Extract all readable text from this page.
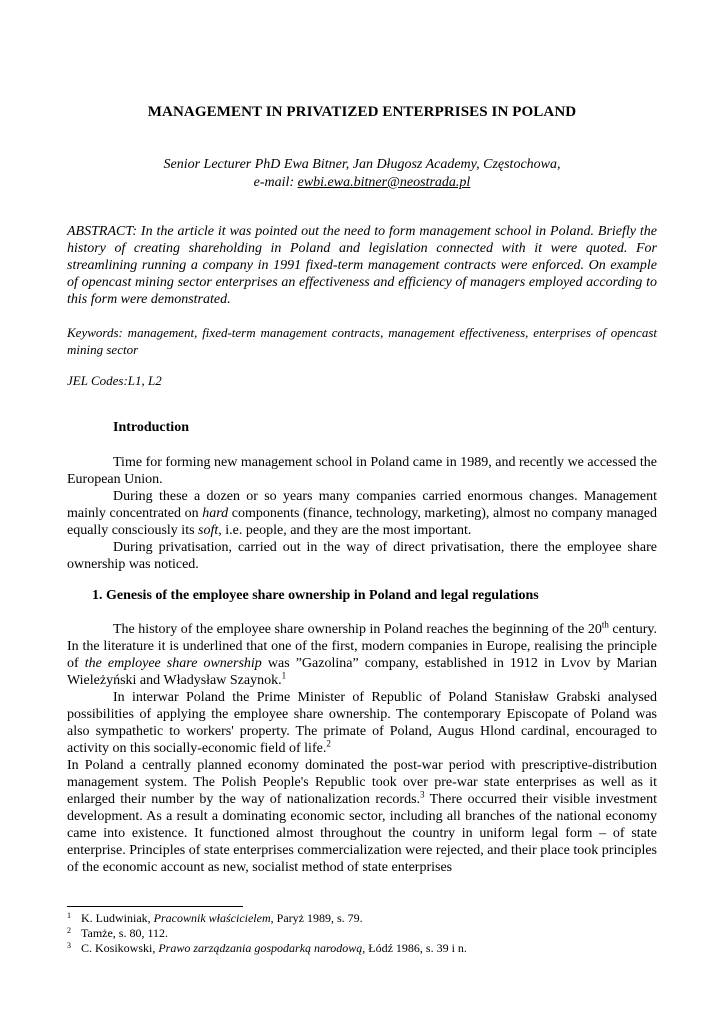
MANAGEMENT IN PRIVATIZED ENTERPRISES IN POLAND
Senior Lecturer PhD Ewa Bitner, Jan Długosz Academy, Częstochowa,
e-mail: ewbi.ewa.bitner@neostrada.pl
ABSTRACT: In the article it was pointed out the need to form management school in Poland. Briefly the history of creating shareholding in Poland and legislation connected with it were quoted. For streamlining running a company in 1991 fixed-term management contracts were enforced. On example of opencast mining sector enterprises an effectiveness and efficiency of managers employed according to this form were demonstrated.
Keywords: management, fixed-term management contracts, management effectiveness, enterprises of opencast mining sector
JEL Codes:L1, L2
Introduction

Time for forming new management school in Poland came in 1989, and recently we accessed the European Union.

During these a dozen or so years many companies carried enormous changes. Management mainly concentrated on hard components (finance, technology, marketing), almost no company managed equally consciously its soft, i.e. people, and they are the most important.

During privatisation, carried out in the way of direct privatisation, there the employee share ownership was noticed.

1. Genesis of the employee share ownership in Poland and legal regulations

The history of the employee share ownership in Poland reaches the beginning of the 20th century. In the literature it is underlined that one of the first, modern companies in Europe, realising the principle of the employee share ownership was ”Gazolina” company, established in 1912 in Lvov by Marian Wieleżyński and Władysław Szaynok.$^1$

In interwar Poland the Prime Minister of Republic of Poland Stanisław Grabski analysed possibilities of applying the employee share ownership. The contemporary Episcopate of Poland was also sympathetic to workers' property. The primate of Poland, Augus Hlond cardinal, encouraged to activity on this socially-economic field of life.$^2$

In Poland a centrally planned economy dominated the post-war period with prescriptive-distribution management system. The Polish People's Republic took over pre-war state enterprises as well as it enlarged their number by the way of nationalization records.$^3$ There occurred their visible investment development. As a result a dominating economic sector, including all branches of the national economy came into existence. It functioned almost throughout the country in uniform legal form – of state enterprise. Principles of state enterprises commercialization were rejected, and their place took principles of the economic account as new, socialist method of state enterprises

1 K. Ludwiniak, Pracownik właścicielem, Paryż 1989, s. 79.
2 Tamże, s. 80, 112.
3 C. Kosikowski, Prawo zarządzania gospodarką narodową, Łódź 1986, s. 39 i n.
